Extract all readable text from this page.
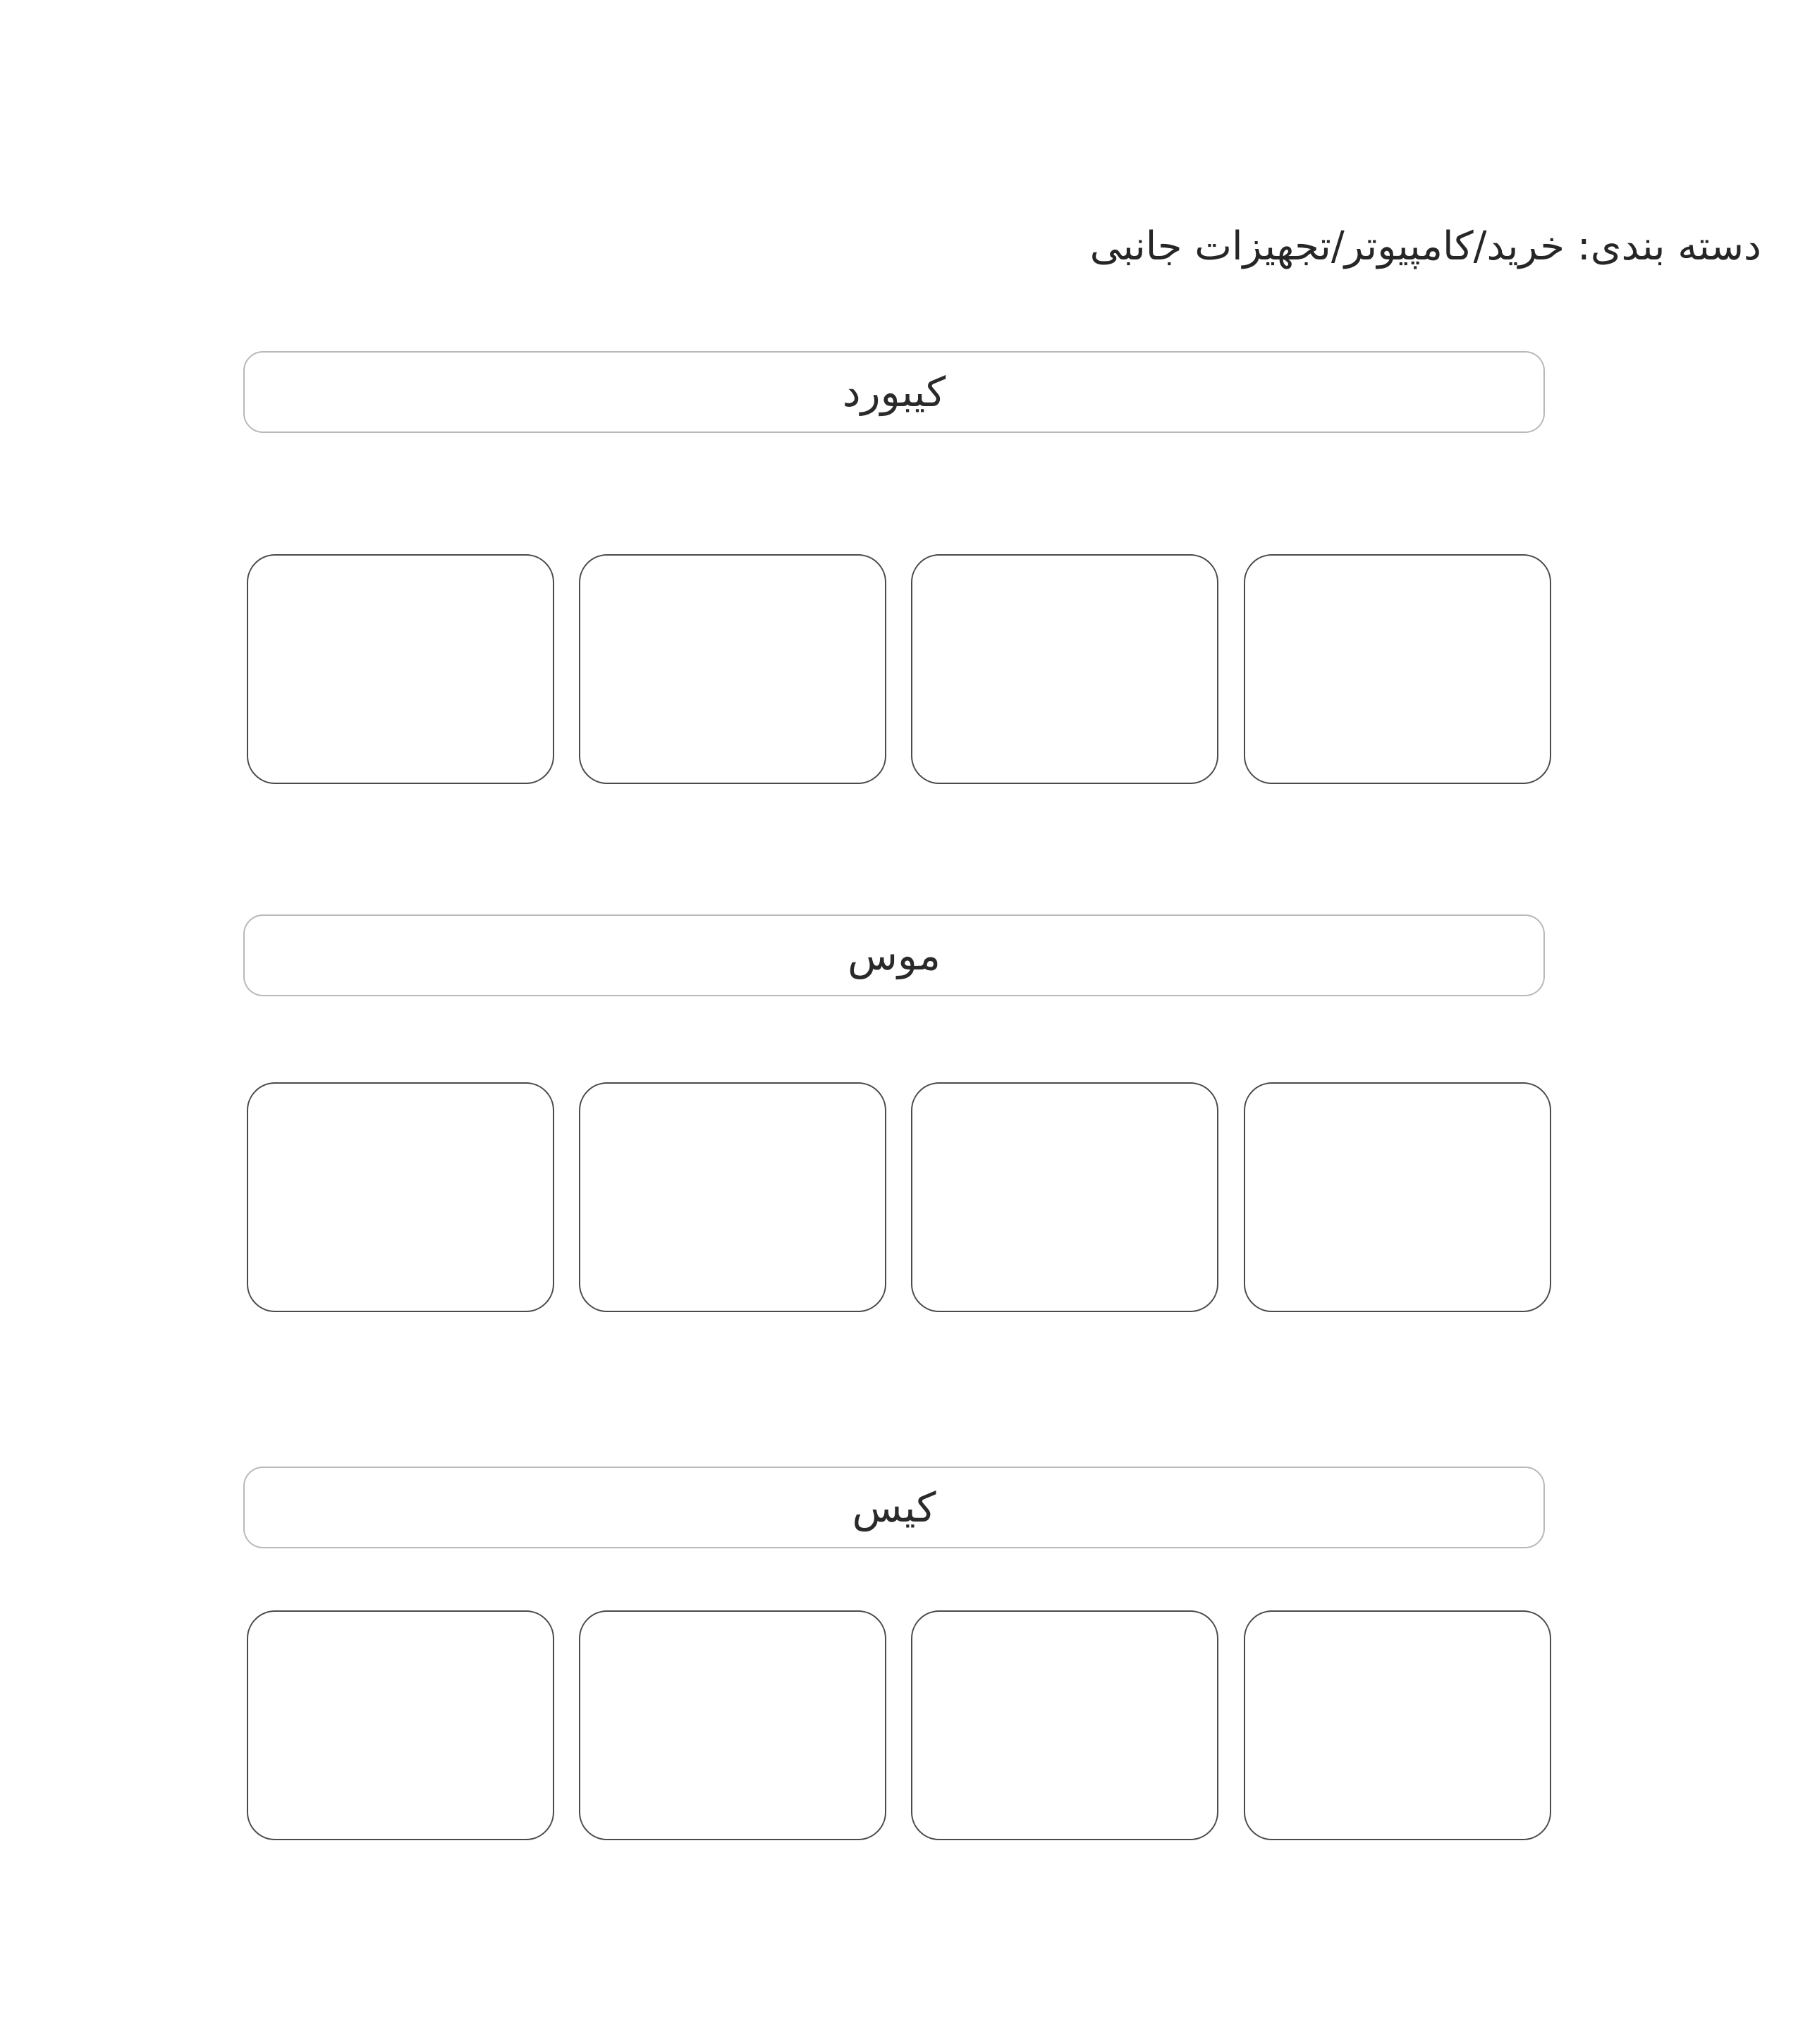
دسته بندی: خرید/کامپیوتر/تجهیزات جانبی
کیبورد
موس
کیس
